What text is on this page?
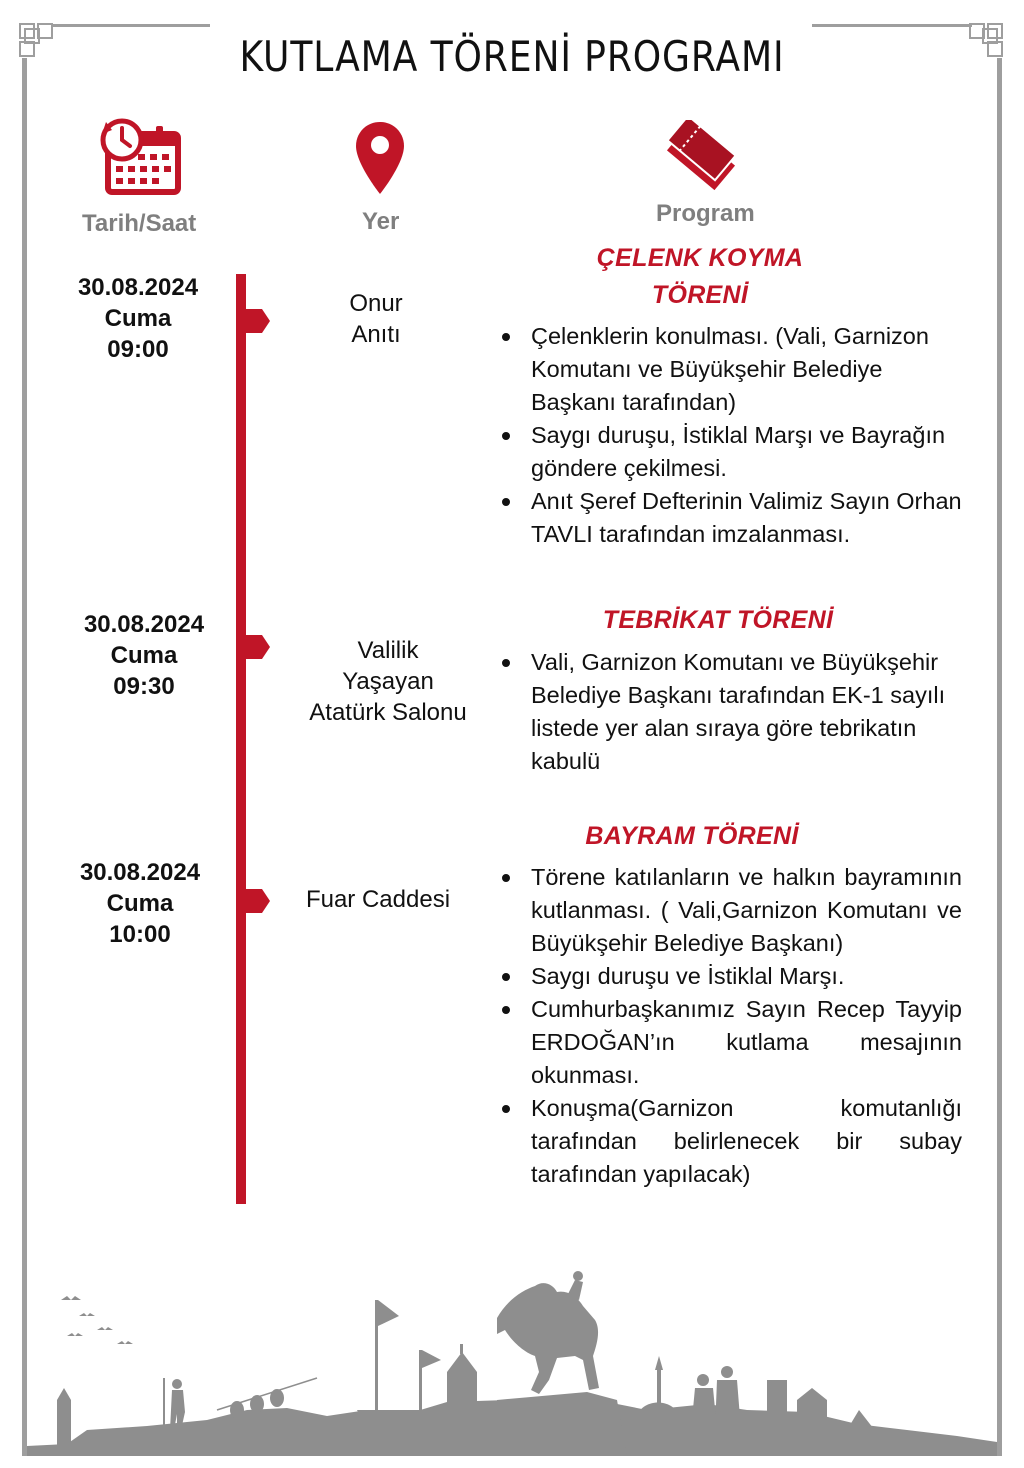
KUTLAMA TÖRENİ PROGRAMI
Tarih/Saat	Yer	Program
30.08.2024
Cuma
09:00
Onur
Anıtı
ÇELENK KOYMA
TÖRENİ
Çelenklerin konulması. (Vali, Garnizon Komutanı ve Büyükşehir Belediye Başkanı tarafından)
Saygı duruşu, İstiklal Marşı ve Bayrağın göndere çekilmesi.
Anıt Şeref Defterinin Valimiz Sayın Orhan TAVLI tarafından imzalanması.
30.08.2024
Cuma
09:30
Valilik
Yaşayan
Atatürk Salonu
TEBRİKAT TÖRENİ
Vali, Garnizon Komutanı ve Büyükşehir Belediye Başkanı tarafından EK-1 sayılı listede yer alan sıraya göre tebrikatın kabulü
30.08.2024
Cuma
10:00
Fuar Caddesi
BAYRAM TÖRENİ
Törene katılanların ve halkın bayramının kutlanması. ( Vali,Garnizon Komutanı ve Büyükşehir Belediye Başkanı)
Saygı duruşu ve İstiklal Marşı.
Cumhurbaşkanımız Sayın Recep Tayyip ERDOĞAN’ın kutlama mesajının okunması.
Konuşma(Garnizon komutanlığı tarafından belirlenecek bir subay tarafından yapılacak)
